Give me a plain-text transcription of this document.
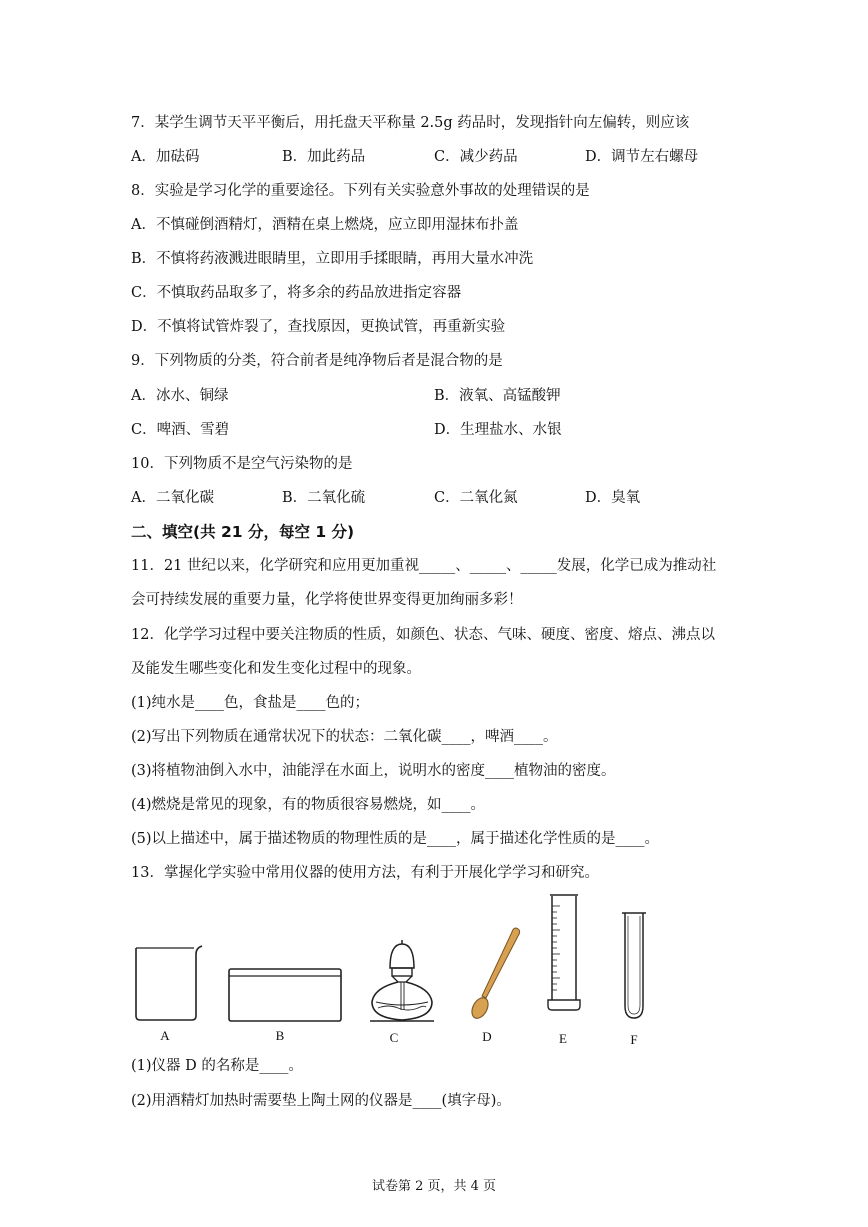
7．某学生调节天平平衡后，用托盘天平称量 2.5g 药品时，发现指针向左偏转，则应该
A．加砝码	B．加此药品	C．减少药品	D．调节左右螺母
8．实验是学习化学的重要途径。下列有关实验意外事故的处理错误的是
A．不慎碰倒酒精灯，酒精在桌上燃烧，应立即用湿抹布扑盖
B．不慎将药液溅进眼睛里，立即用手揉眼睛，再用大量水冲洗
C．不慎取药品取多了，将多余的药品放进指定容器
D．不慎将试管炸裂了，查找原因，更换试管，再重新实验
9．下列物质的分类，符合前者是纯净物后者是混合物的是
A．冰水、铜绿	B．液氧、高锰酸钾
C．啤酒、雪碧	D．生理盐水、水银
10．下列物质不是空气污染物的是
A．二氧化碳	B．二氧化硫	C．二氧化氮	D．臭氧
二、填空(共 21 分，每空 1 分)
11．21 世纪以来，化学研究和应用更加重视_____、_____、_____发展，化学已成为推动社
会可持续发展的重要力量，化学将使世界变得更加绚丽多彩！
12．化学学习过程中要关注物质的性质，如颜色、状态、气味、硬度、密度、熔点、沸点以
及能发生哪些变化和发生变化过程中的现象。
(1)纯水是____色，食盐是____色的；
(2)写出下列物质在通常状况下的状态：二氧化碳____，啤酒____。
(3)将植物油倒入水中，油能浮在水面上，说明水的密度____植物油的密度。
(4)燃烧是常见的现象，有的物质很容易燃烧，如____。
(5)以上描述中，属于描述物质的物理性质的是____，属于描述化学性质的是____。
13．掌握化学实验中常用仪器的使用方法，有利于开展化学学习和研究。
A	B	C	D	E	F
(1)仪器 D 的名称是____。
(2)用酒精灯加热时需要垫上陶土网的仪器是____(填字母)。
试卷第 2 页，共 4 页
